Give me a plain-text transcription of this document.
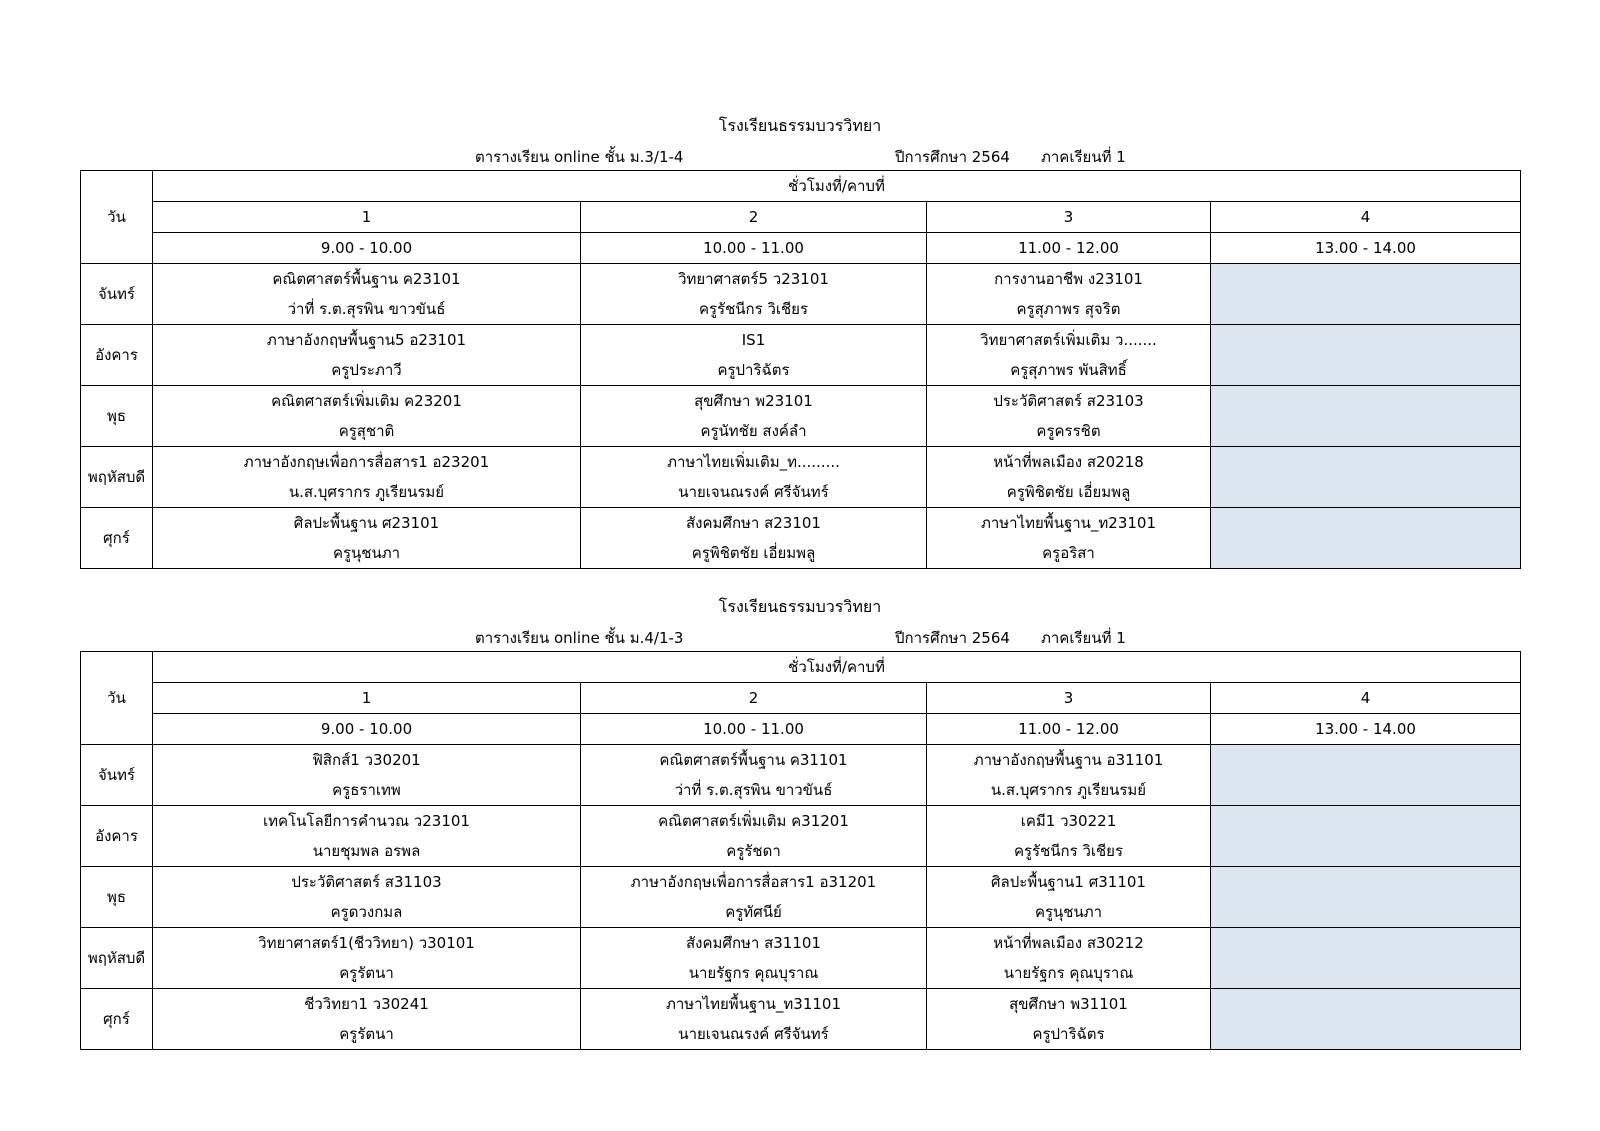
โรงเรียนธรรมบวรวิทยา
ตารางเรียน online ชั้น ม.3/1-4	ปีการศึกษา 2564 ภาคเรียนที่ 1
วัน	ชั่วโมงที่/คาบที่			
	1	2	3	4
	9.00 - 10.00	10.00 - 11.00	11.00 - 12.00	13.00 - 14.00
จันทร์	คณิตศาสตร์พื้นฐาน ค23101	วิทยาศาสตร์5 ว23101	การงานอาชีพ ง23101	
	ว่าที่ ร.ต.สุรพิน ขาวขันธ์	ครูรัชนีกร วิเชียร	ครูสุภาพร สุจริต	
อังคาร	ภาษาอังกฤษพื้นฐาน5 อ23101	IS1	วิทยาศาสตร์เพิ่มเติม ว.......	
	ครูประภาวี	ครูปาริฉัตร	ครูสุภาพร พันสิทธิ์	
พุธ	คณิตศาสตร์เพิ่มเติม ค23201	สุขศึกษา พ23101	ประวัติศาสตร์ ส23103	
	ครูสุชาติ	ครูนัทชัย สงค์ลำ	ครูครรชิต	
พฤหัสบดี	ภาษาอังกฤษเพื่อการสื่อสาร1 อ23201	ภาษาไทยเพิ่มเติม_ท.........	หน้าที่พลเมือง ส20218	
	น.ส.บุศรากร ภูเรียนรมย์	นายเจนณรงค์ ศรีจันทร์	ครูพิชิตชัย เอี่ยมพลู	
ศุกร์	ศิลปะพื้นฐาน ศ23101	สังคมศึกษา ส23101	ภาษาไทยพื้นฐาน_ท23101	
	ครูนุชนภา	ครูพิชิตชัย เอี่ยมพลู	ครูอริสา	
โรงเรียนธรรมบวรวิทยา
ตารางเรียน online ชั้น ม.4/1-3	ปีการศึกษา 2564 ภาคเรียนที่ 1
วัน	ชั่วโมงที่/คาบที่			
	1	2	3	4
	9.00 - 10.00	10.00 - 11.00	11.00 - 12.00	13.00 - 14.00
จันทร์	ฟิสิกส์1 ว30201	คณิตศาสตร์พื้นฐาน ค31101	ภาษาอังกฤษพื้นฐาน อ31101	
	ครูธราเทพ	ว่าที่ ร.ต.สุรพิน ขาวขันธ์	น.ส.บุศรากร ภูเรียนรมย์	
อังคาร	เทคโนโลยีการคำนวณ ว23101	คณิตศาสตร์เพิ่มเติม ค31201	เคมี1 ว30221	
	นายชุมพล อรพล	ครูรัชดา	ครูรัชนีกร วิเชียร	
พุธ	ประวัติศาสตร์ ส31103	ภาษาอังกฤษเพื่อการสื่อสาร1 อ31201	ศิลปะพื้นฐาน1 ศ31101	
	ครูดวงกมล	ครูทัศนีย์	ครูนุชนภา	
พฤหัสบดี	วิทยาศาสตร์1(ชีววิทยา) ว30101	สังคมศึกษา ส31101	หน้าที่พลเมือง ส30212	
	ครูรัตนา	นายรัฐกร คุณบุราณ	นายรัฐกร คุณบุราณ	
ศุกร์	ชีววิทยา1 ว30241	ภาษาไทยพื้นฐาน_ท31101	สุขศึกษา พ31101	
	ครูรัตนา	นายเจนณรงค์ ศรีจันทร์	ครูปาริฉัตร	
